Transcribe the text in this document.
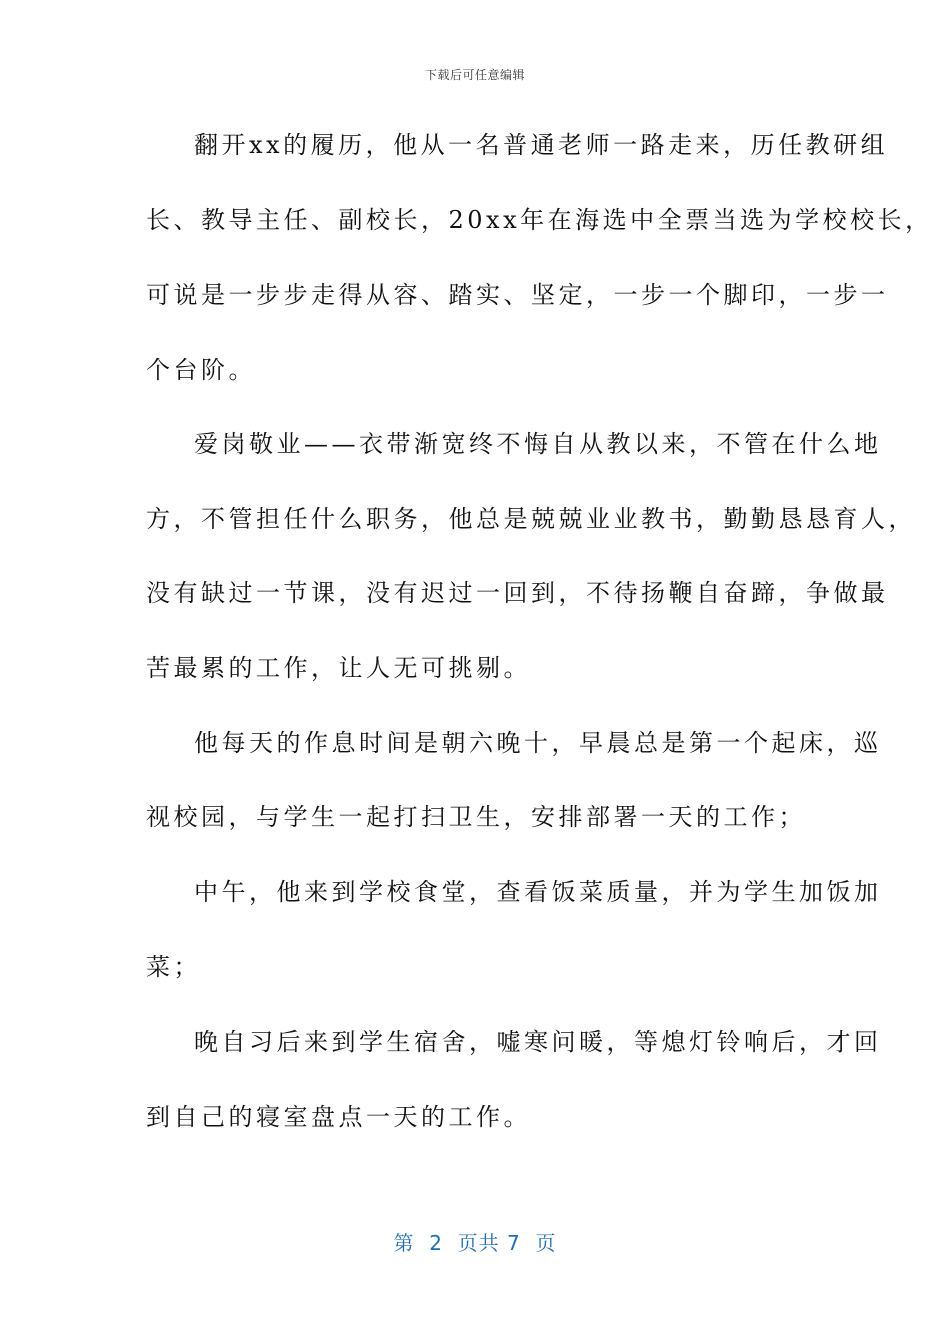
下载后可任意编辑
翻开xx的履历，他从一名普通老师一路走来，历任教研组
长、教导主任、副校长，20xx年在海选中全票当选为学校校长，
可说是一步步走得从容、踏实、坚定，一步一个脚印，一步一
个台阶。
爱岗敬业——衣带渐宽终不悔自从教以来，不管在什么地
方，不管担任什么职务，他总是兢兢业业教书，勤勤恳恳育人，
没有缺过一节课，没有迟过一回到，不待扬鞭自奋蹄，争做最
苦最累的工作，让人无可挑剔。
他每天的作息时间是朝六晚十，早晨总是第一个起床，巡
视校园，与学生一起打扫卫生，安排部署一天的工作；
中午，他来到学校食堂，查看饭菜质量，并为学生加饭加
菜；
晚自习后来到学生宿舍，嘘寒问暖，等熄灯铃响后，才回
到自己的寝室盘点一天的工作。
第  2  页共 7  页
